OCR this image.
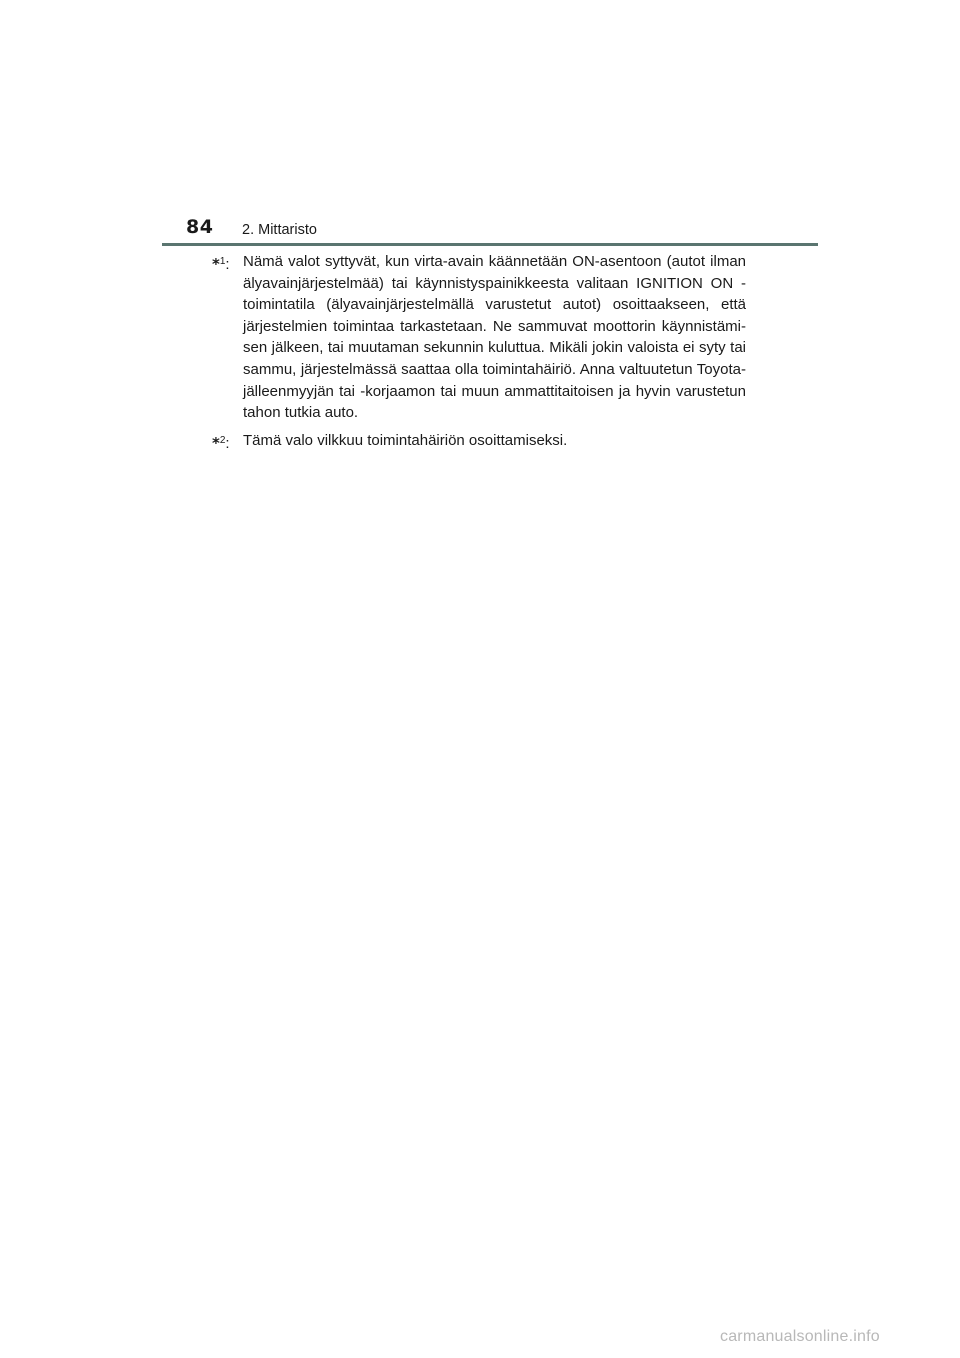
84 2. Mittaristo
*$^1$: Nämä valot syttyvät, kun virta-avain käännetään ON-asentoon (autot ilman älyavainjärjestelmää) tai käynnistyspainikkeesta valitaan IGNITION ON -toimintatila (älyavainjärjestelmällä varustetut autot) osoittaakseen, että järjestelmien toimintaa tarkastetaan. Ne sammuvat moottorin käynnistämisen jälkeen, tai muutaman sekunnin kuluttua. Mikäli jokin valoista ei syty tai sammu, järjestelmässä saattaa olla toimintahäiriö. Anna valtuutetun Toyota-jälleenmyyjän tai -korjaamon tai muun ammattitaitoisen ja hyvin varustetun tahon tutkia auto.
*$^2$: Tämä valo vilkkuu toimintahäiriön osoittamiseksi.
carmanualsonline.info
